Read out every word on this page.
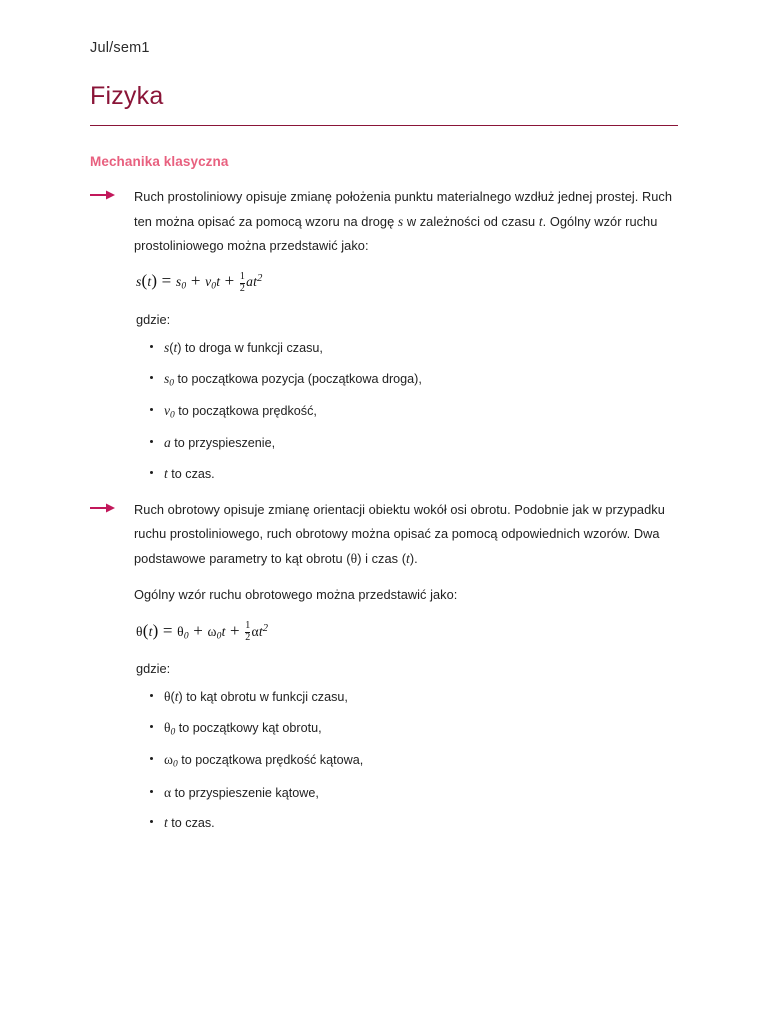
Jul/sem1
Fizyka
Mechanika klasyczna

Ruch prostoliniowy opisuje zmianę położenia punktu materialnego wzdłuż jednej prostej. Ruch ten można opisać za pomocą wzoru na drogę s w zależności od czasu t. Ogólny wzór ruchu prostoliniowego można przedstawić jako:

$s(t) = s_0 + v_0t + \frac{1}{2} at^2$
gdzie:
s(t) to droga w funkcji czasu,
$s_0$ to początkowa pozycja (początkowa droga),
$v_0$ to początkowa prędkość,
a to przyspieszenie,
t to czas.

Ruch obrotowy opisuje zmianę orientacji obiektu wokół osi obrotu. Podobnie jak w przypadku ruchu prostoliniowego, ruch obrotowy można opisać za pomocą odpowiednich wzorów. Dwa podstawowe parametry to kąt obrotu (θ) i czas (t).

Ogólny wzór ruchu obrotowego można przedstawić jako:

$\theta(t) = \theta_0 + \omega_0t + \frac{1}{2} \alpha t^2$
gdzie:
θ(t) to kąt obrotu w funkcji czasu,
$\theta_0$ to początkowy kąt obrotu,
$\omega_0$ to początkowa prędkość kątowa,
α to przyspieszenie kątowe,
t to czas.
